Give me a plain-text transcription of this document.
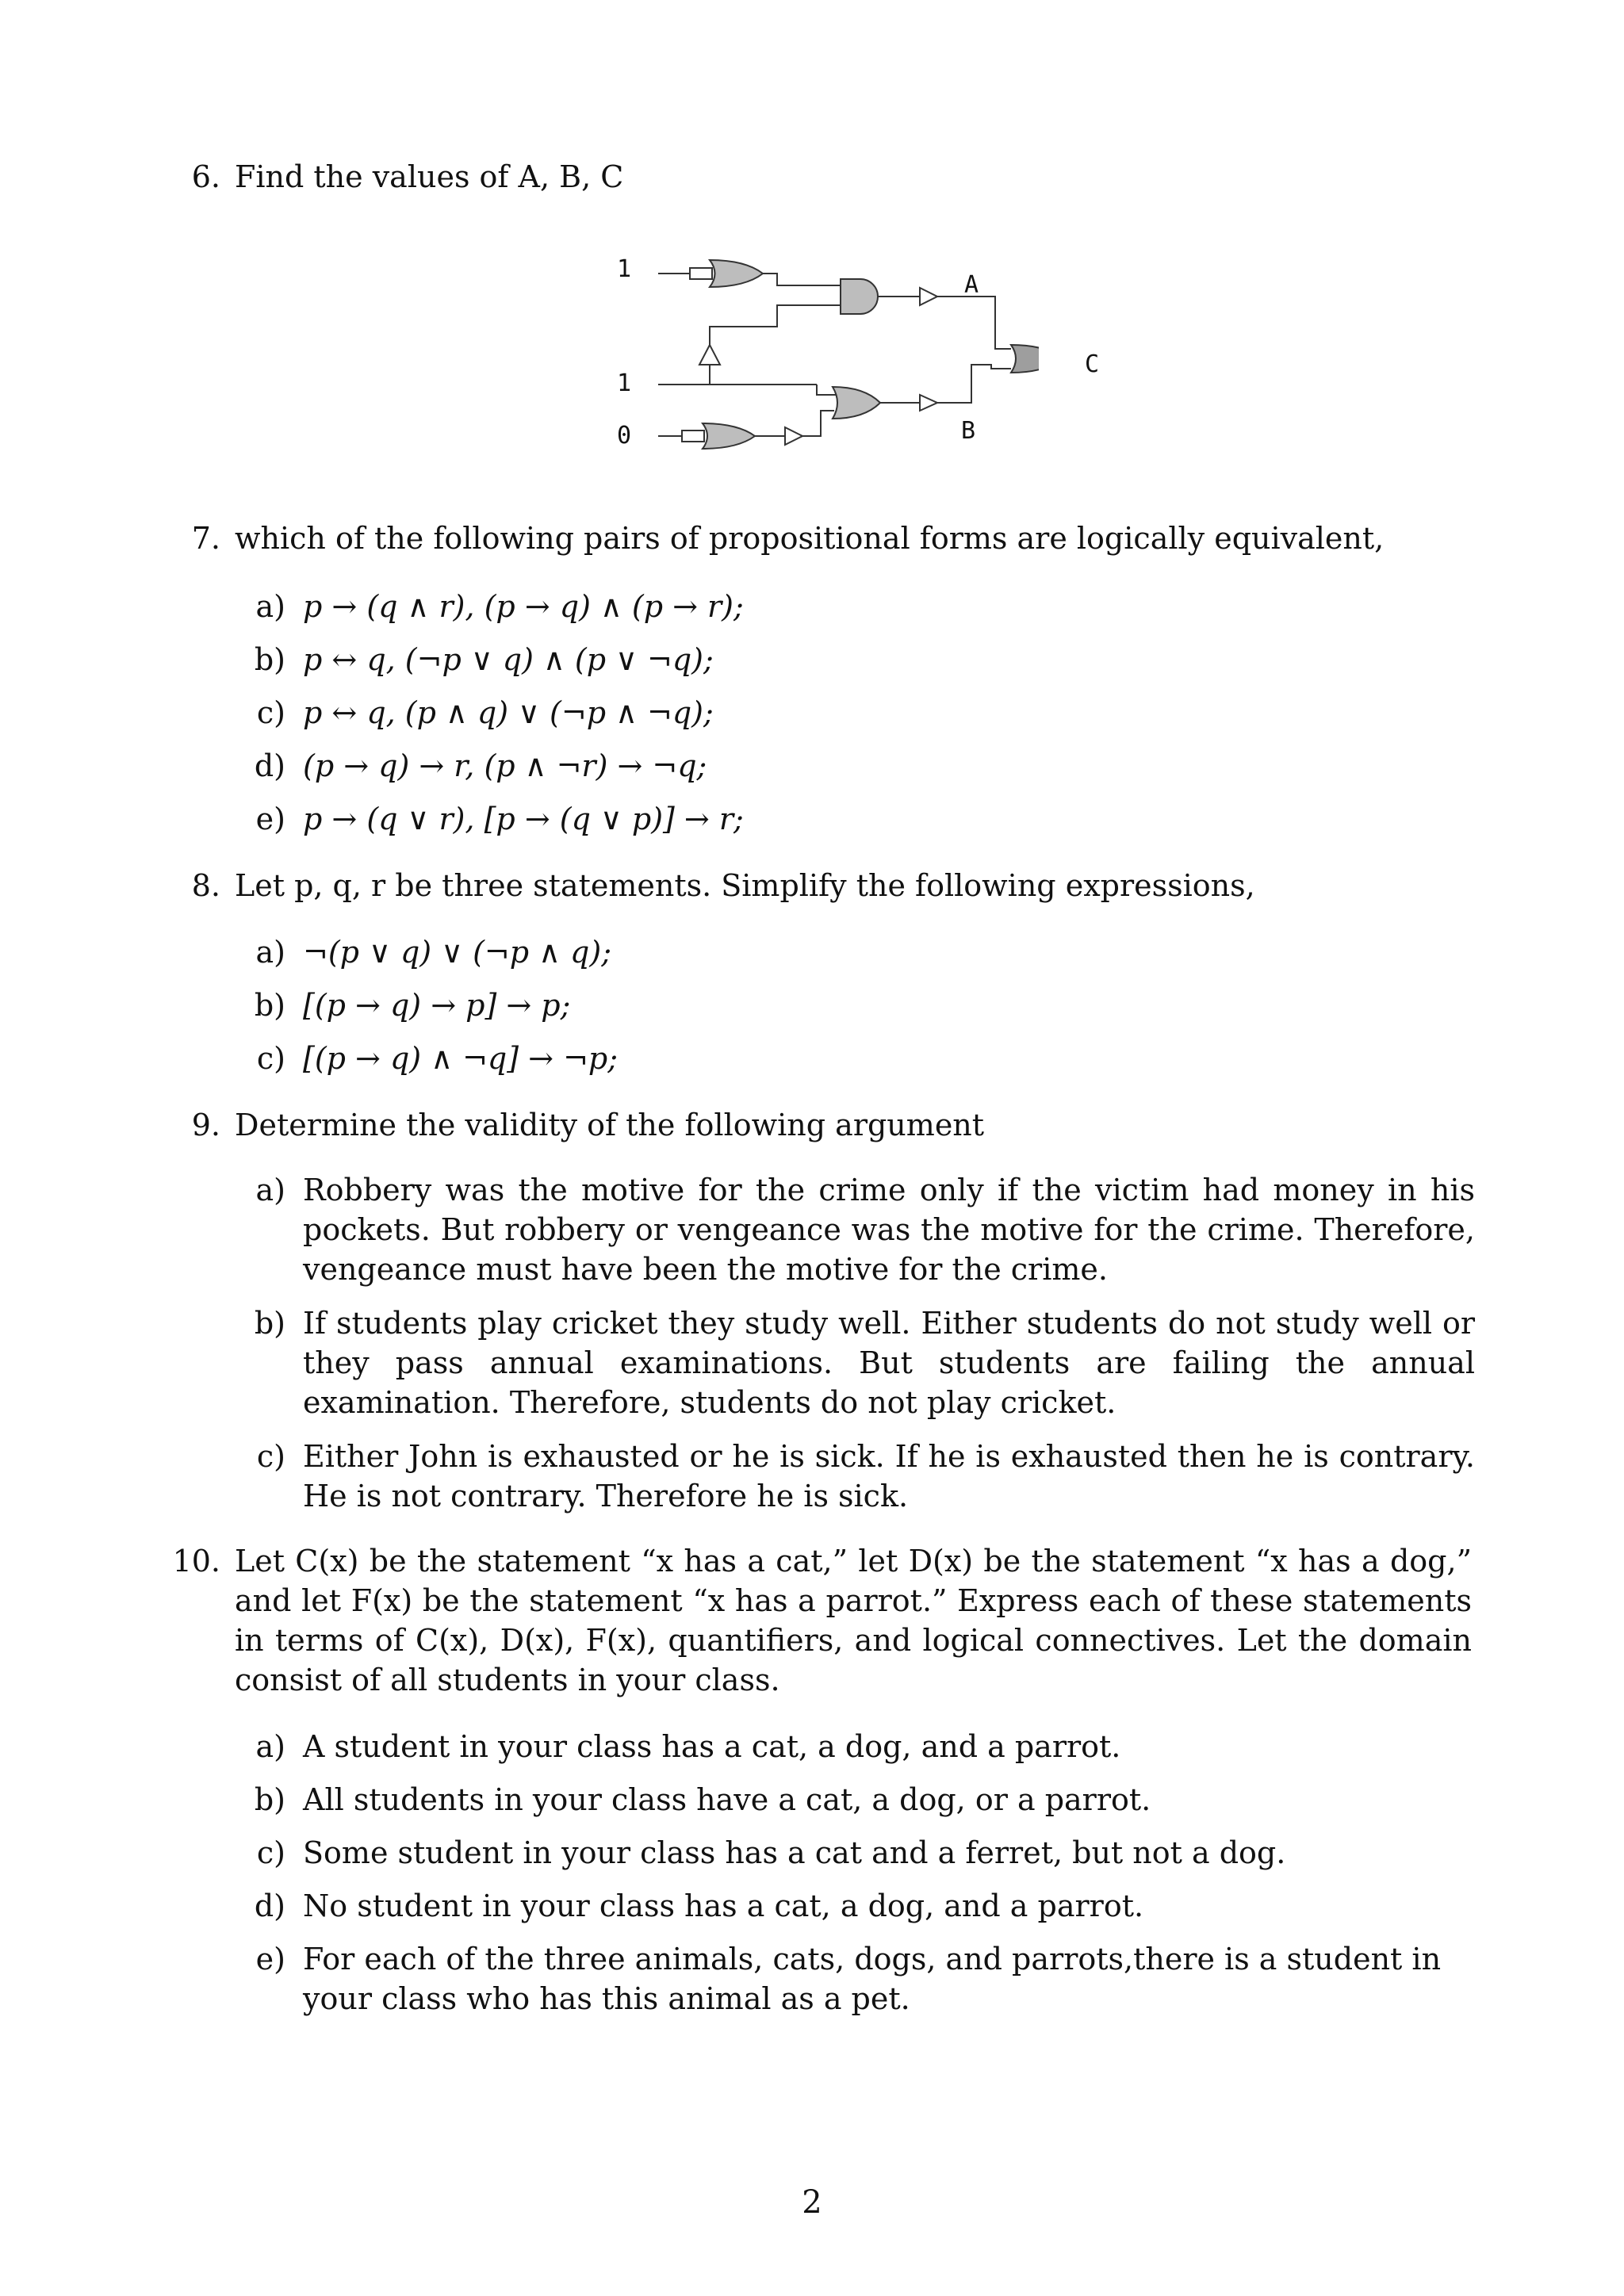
6. Find the values of A, B, C
1
1
0
A
B
C
7. which of the following pairs of propositional forms are logically equivalent,
a) p → (q ∧ r), (p → q) ∧ (p → r);
b) p ↔ q, (¬p ∨ q) ∧ (p ∨ ¬q);
c) p ↔ q, (p ∧ q) ∨ (¬p ∧ ¬q);
d) (p → q) → r, (p ∧ ¬r) → ¬q;
e) p → (q ∨ r), [p → (q ∨ p)] → r;
8. Let p, q, r be three statements. Simplify the following expressions,
a) ¬(p ∨ q) ∨ (¬p ∧ q);
b) [(p → q) → p] → p;
c) [(p → q) ∧ ¬q] → ¬p;
9. Determine the validity of the following argument
a) Robbery was the motive for the crime only if the victim had money in his pockets. But robbery or vengeance was the motive for the crime. Therefore, vengeance must have been the motive for the crime.
b) If students play cricket they study well. Either students do not study well or they pass annual examinations. But students are failing the annual examination. Therefore, students do not play cricket.
c) Either John is exhausted or he is sick. If he is exhausted then he is contrary. He is not contrary. Therefore he is sick.
10. Let C(x) be the statement “x has a cat,” let D(x) be the statement “x has a dog,” and let F(x) be the statement “x has a parrot.” Express each of these statements in terms of C(x), D(x), F(x), quantifiers, and logical connectives. Let the domain consist of all students in your class.
a) A student in your class has a cat, a dog, and a parrot.
b) All students in your class have a cat, a dog, or a parrot.
c) Some student in your class has a cat and a ferret, but not a dog.
d) No student in your class has a cat, a dog, and a parrot.
e) For each of the three animals, cats, dogs, and parrots,there is a student in your class who has this animal as a pet.
2
